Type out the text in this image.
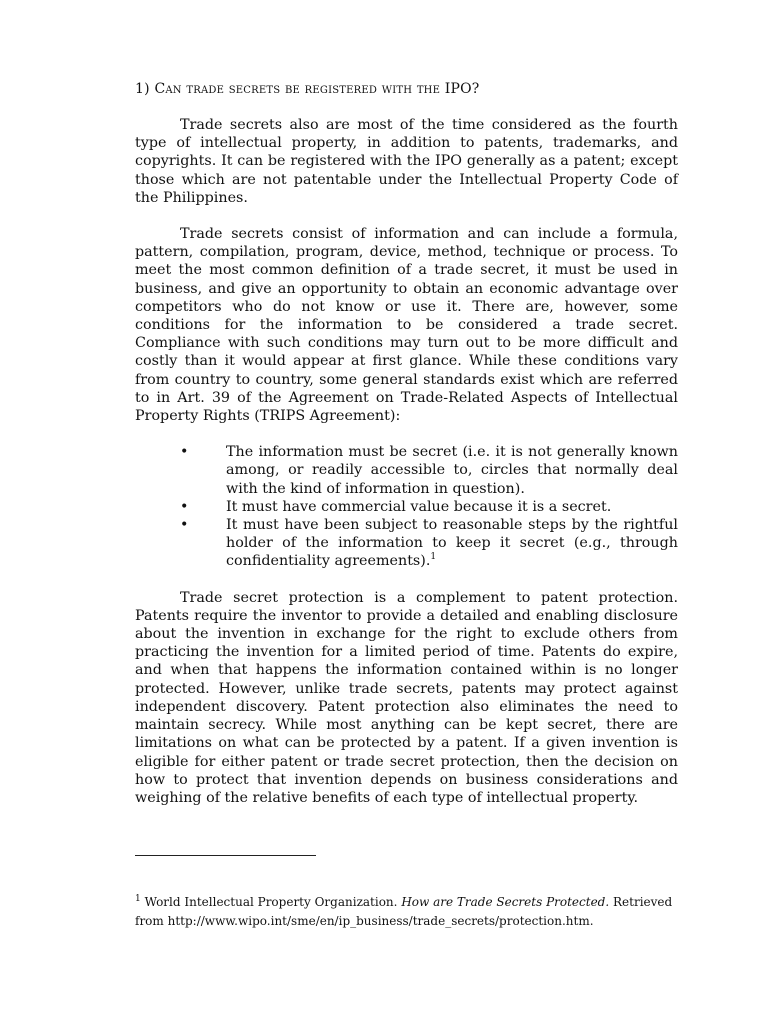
1) Can trade secrets be registered with the IPO?

Trade secrets also are most of the time considered as the fourth type of intellectual property, in addition to patents, trademarks, and copyrights. It can be registered with the IPO generally as a patent; except those which are not patentable under the Intellectual Property Code of the Philippines.

Trade secrets consist of information and can include a formula, pattern, compilation, program, device, method, technique or process. To meet the most common definition of a trade secret, it must be used in business, and give an opportunity to obtain an economic advantage over competitors who do not know or use it. There are, however, some conditions for the information to be considered a trade secret. Compliance with such conditions may turn out to be more difficult and costly than it would appear at first glance. While these conditions vary from country to country, some general standards exist which are referred to in Art. 39 of the Agreement on Trade-Related Aspects of Intellectual Property Rights (TRIPS Agreement):

•	The information must be secret (i.e. it is not generally known among, or readily accessible to, circles that normally deal with the kind of information in question).
•	It must have commercial value because it is a secret.
•	It must have been subject to reasonable steps by the rightful holder of the information to keep it secret (e.g., through confidentiality agreements).$^1$

Trade secret protection is a complement to patent protection. Patents require the inventor to provide a detailed and enabling disclosure about the invention in exchange for the right to exclude others from practicing the invention for a limited period of time. Patents do expire, and when that happens the information contained within is no longer protected. However, unlike trade secrets, patents may protect against independent discovery. Patent protection also eliminates the need to maintain secrecy. While most anything can be kept secret, there are limitations on what can be protected by a patent. If a given invention is eligible for either patent or trade secret protection, then the decision on how to protect that invention depends on business considerations and weighing of the relative benefits of each type of intellectual property.

$^1$ World Intellectual Property Organization. How are Trade Secrets Protected. Retrieved from http://www.wipo.int/sme/en/ip_business/trade_secrets/protection.htm.
